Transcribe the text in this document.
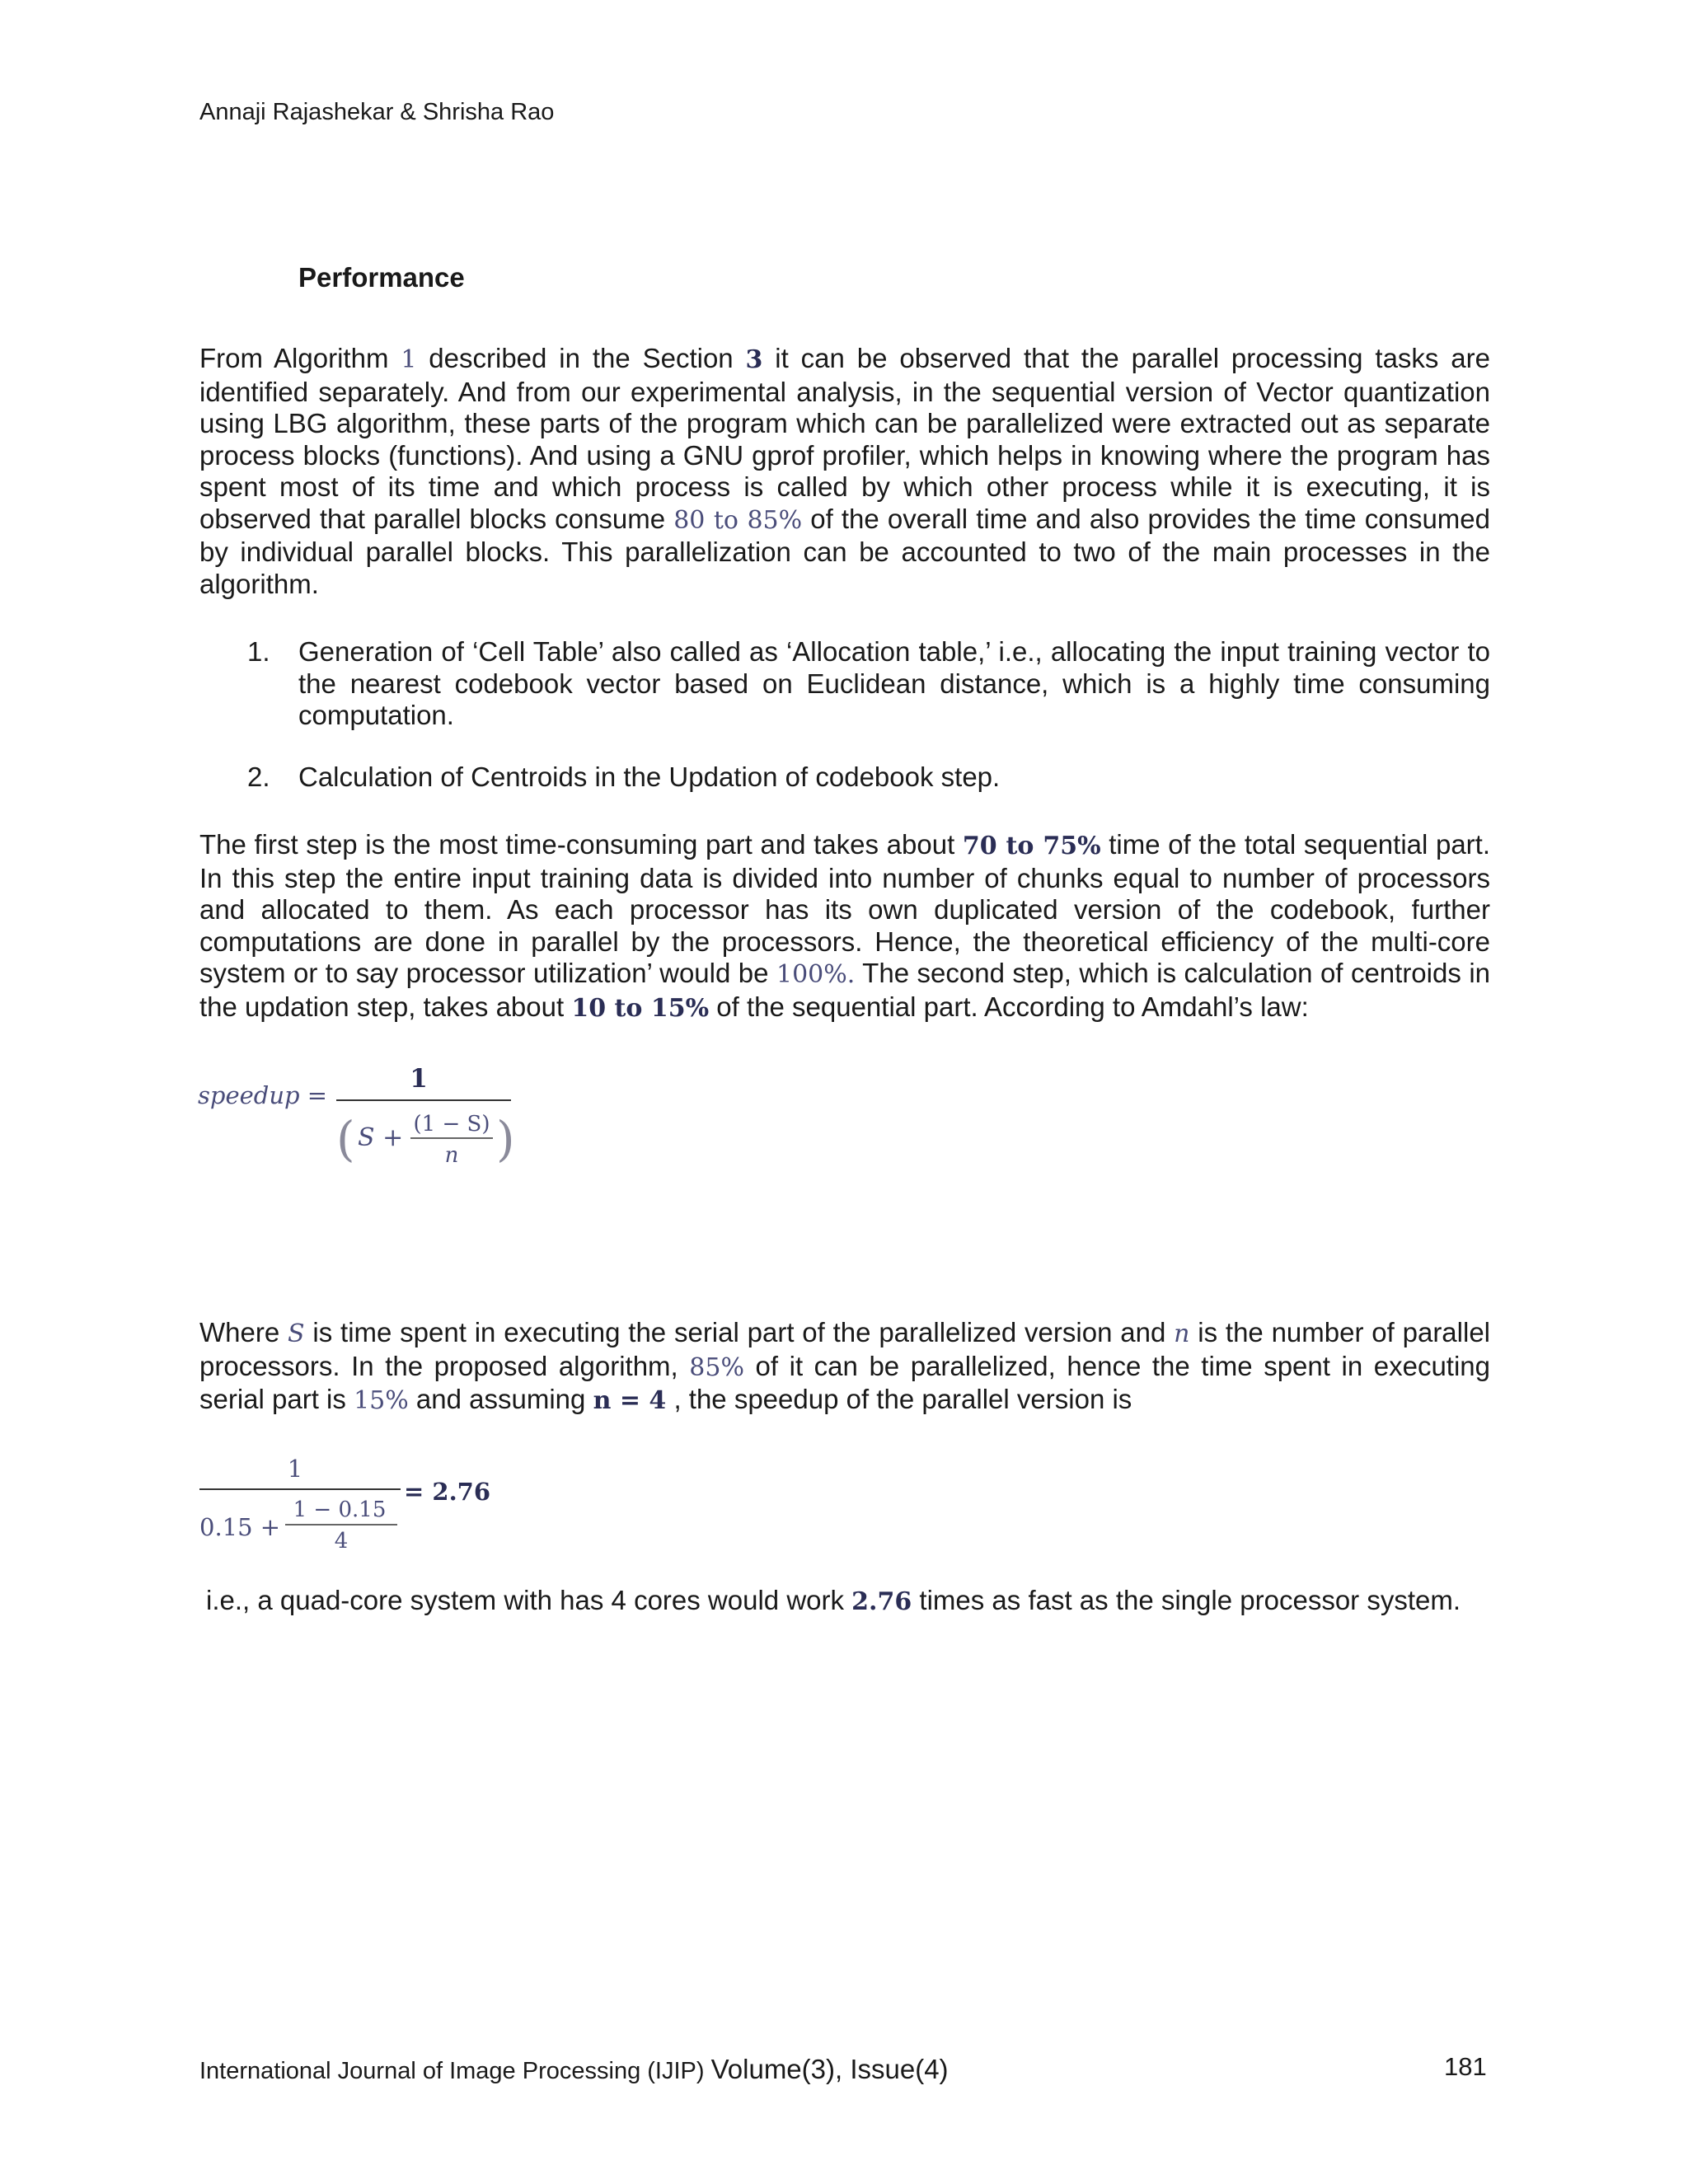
Annaji Rajashekar & Shrisha Rao
Performance

From Algorithm 1 described in the Section 3 it can be observed that the parallel processing tasks are identified separately. And from our experimental analysis, in the sequential version of Vector quantization using LBG algorithm, these parts of the program which can be parallelized were extracted out as separate process blocks (functions). And using a GNU gprof profiler, which helps in knowing where the program has spent most of its time and which process is called by which other process while it is executing, it is observed that parallel blocks consume 80 to 85% of the overall time and also provides the time consumed by individual parallel blocks. This parallelization can be accounted to two of the main processes in the algorithm.

1. Generation of ‘Cell Table’ also called as ‘Allocation table,’ i.e., allocating the input training vector to the nearest codebook vector based on Euclidean distance, which is a highly time consuming computation.
2. Calculation of Centroids in the Updation of codebook step.

The first step is the most time-consuming part and takes about 70 to 75% time of the total sequential part. In this step the entire input training data is divided into number of chunks equal to number of processors and allocated to them. As each processor has its own duplicated version of the codebook, further computations are done in parallel by the processors. Hence, the theoretical efficiency of the multi-core system or to say processor utilization’ would be 100%. The second step, which is calculation of centroids in the updation step, takes about 10 to 15% of the sequential part. According to Amdahl’s law:

speedup =
1
( S + (1 − S)
n )

Where S is time spent in executing the serial part of the parallelized version and n is the number of parallel processors. In the proposed algorithm, 85% of it can be parallelized, hence the time spent in executing serial part is 15% and assuming n = 4 , the speedup of the parallel version is

1
0.15 +
1 − 0.15
4
= 2.76
i.e., a quad-core system with has 4 cores would work 2.76 times as fast as the single processor system.
International Journal of Image Processing (IJIP) Volume(3), Issue(4)	181
